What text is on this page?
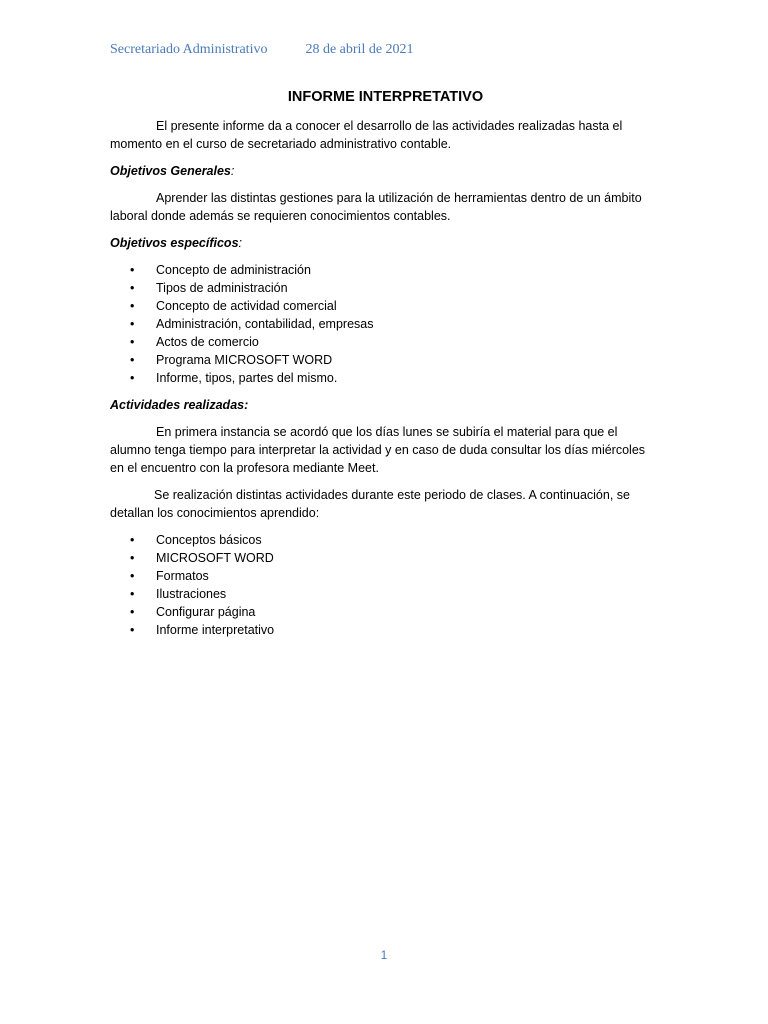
Secretariado Administrativo	28 de abril de 2021
INFORME INTERPRETATIVO

El presente informe da a conocer el desarrollo de las actividades realizadas hasta el momento en el curso de secretariado administrativo contable.

Objetivos Generales:

Aprender las distintas gestiones para la utilización de herramientas dentro de un ámbito laboral donde además se requieren conocimientos contables.

Objetivos específicos:

• Concepto de administración
• Tipos de administración
• Concepto de actividad comercial
• Administración, contabilidad, empresas
• Actos de comercio
• Programa MICROSOFT WORD
• Informe, tipos, partes del mismo.

Actividades realizadas:

En primera instancia se acordó que los días lunes se subiría el material para que el alumno tenga tiempo para interpretar la actividad y en caso de duda consultar los días miércoles en el encuentro con la profesora mediante Meet.

Se realización distintas actividades durante este periodo de clases. A continuación, se detallan los conocimientos aprendido:

• Conceptos básicos
• MICROSOFT WORD
• Formatos
• Ilustraciones
• Configurar página
• Informe interpretativo
1
